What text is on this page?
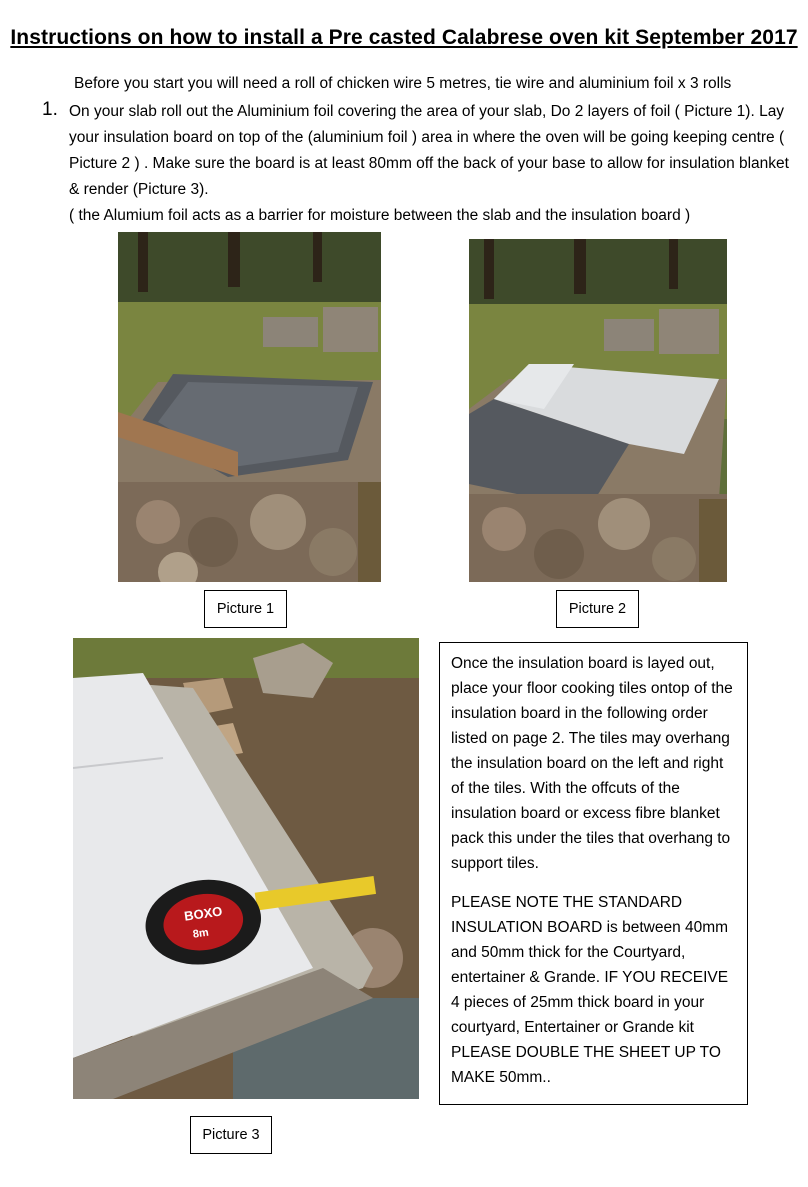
Instructions on how to install a Pre casted Calabrese oven kit September 2017
Before you start you will need a roll of chicken wire 5 metres, tie wire and aluminium foil x 3 rolls
1. On your slab roll out the Aluminium foil covering the area of your slab, Do 2 layers of foil ( Picture 1). Lay your insulation board on top of the (aluminium foil ) area in where the oven will be going keeping centre ( Picture 2 ) . Make sure the board is at least 80mm off the back of your base to allow for insulation blanket & render (Picture 3).

( the Alumium foil acts as a barrier for moisture between the slab and the insulation board )

Picture 1	Picture 2
BOXO
8m
Picture 3

Once the insulation board is layed out, place your floor cooking tiles ontop of the insulation board in the following order listed on page 2. The tiles may overhang the insulation board on the left and right of the tiles. With the offcuts of the insulation board or excess fibre blanket pack this under the tiles that overhang to support tiles.

PLEASE NOTE THE STANDARD INSULATION BOARD is between 40mm and 50mm thick for the Courtyard, entertainer & Grande. IF YOU RECEIVE 4 pieces of 25mm thick board in your courtyard, Entertainer or Grande kit PLEASE DOUBLE THE SHEET UP TO MAKE 50mm..
